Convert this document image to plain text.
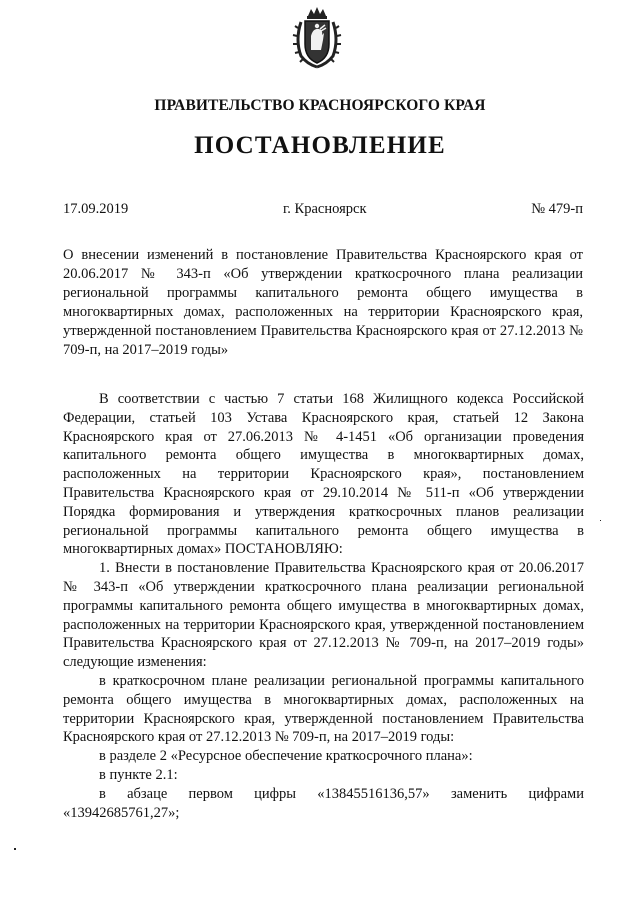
ПРАВИТЕЛЬСТВО КРАСНОЯРСКОГО КРАЯ
ПОСТАНОВЛЕНИЕ
17.09.2019	г. Красноярск	№ 479-п
О внесении изменений в постановление Правительства Красноярского края от 20.06.2017 № 343-п «Об утверждении краткосрочного плана реализации региональной программы капитального ремонта общего имущества в многоквартирных домах, расположенных на территории Красноярского края, утвержденной постановлением Правительства Красноярского края от 27.12.2013 № 709-п, на 2017–2019 годы»

В соответствии с частью 7 статьи 168 Жилищного кодекса Российской Федерации, статьей 103 Устава Красноярского края, статьей 12 Закона Красноярского края от 27.06.2013 № 4-1451 «Об организации проведения капитального ремонта общего имущества в многоквартирных домах, расположенных на территории Красноярского края», постановлением Правительства Красноярского края от 29.10.2014 № 511-п «Об утверждении Порядка формирования и утверждения краткосрочных планов реализации региональной программы капитального ремонта общего имущества в многоквартирных домах» ПОСТАНОВЛЯЮ:

1. Внести в постановление Правительства Красноярского края от 20.06.2017 № 343-п «Об утверждении краткосрочного плана реализации региональной программы капитального ремонта общего имущества в многоквартирных домах, расположенных на территории Красноярского края, утвержденной постановлением Правительства Красноярского края от 27.12.2013 № 709-п, на 2017–2019 годы» следующие изменения:

в краткосрочном плане реализации региональной программы капитального ремонта общего имущества в многоквартирных домах, расположенных на территории Красноярского края, утвержденной постановлением Правительства Красноярского края от 27.12.2013 № 709-п, на 2017–2019 годы:

в разделе 2 «Ресурсное обеспечение краткосрочного плана»:

в пункте 2.1:

в абзаце первом цифры «13845516136,57» заменить цифрами «13942685761,27»;
